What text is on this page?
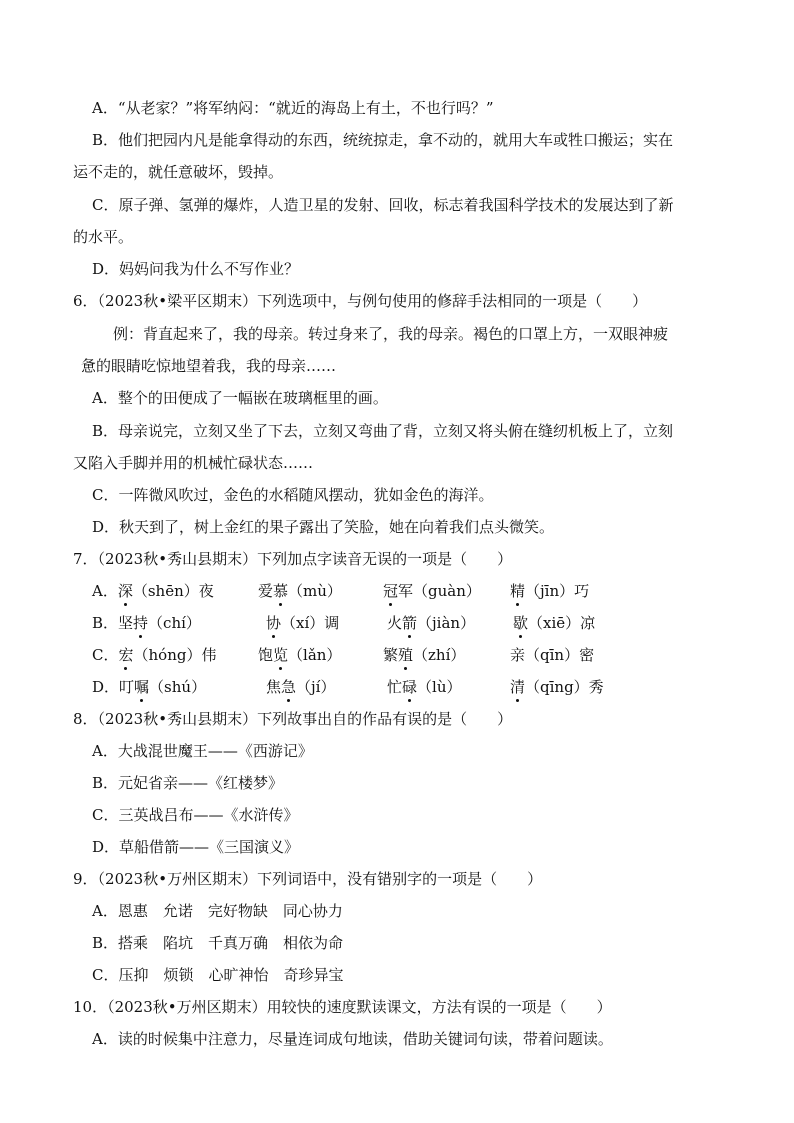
A．“从老家？”将军纳闷：“就近的海岛上有土，不也行吗？”
B．他们把园内凡是能拿得动的东西，统统掠走，拿不动的，就用大车或牲口搬运；实在
运不走的，就任意破坏，毁掉。
C．原子弹、氢弹的爆炸，人造卫星的发射、回收，标志着我国科学技术的发展达到了新
的水平。
D．妈妈问我为什么不写作业？
6．（2023秋•梁平区期末）下列选项中，与例句使用的修辞手法相同的一项是（　　）
例：背直起来了，我的母亲。转过身来了，我的母亲。褐色的口罩上方，一双眼神疲
惫的眼睛吃惊地望着我，我的母亲……
A．整个的田便成了一幅嵌在玻璃框里的画。
B．母亲说完，立刻又坐了下去，立刻又弯曲了背，立刻又将头俯在缝纫机板上了，立刻
又陷入手脚并用的机械忙碌状态……
C．一阵微风吹过，金色的水稻随风摆动，犹如金色的海洋。
D．秋天到了，树上金红的果子露出了笑脸，她在向着我们点头微笑。
7．（2023秋•秀山县期末）下列加点字读音无误的一项是（　　）
A．深（shēn）夜	爱慕（mù）	冠军（guàn） 精（jīn）巧
B．坚持（chí）	协（xí）调	火箭（jiàn）	歇（xiē）凉
C．宏（hóng）伟	饱览（lǎn）	繁殖（zhí）	亲（qīn）密
D．叮嘱（shú）	焦急（jí）	忙碌（lù）	清（qīng）秀
8．（2023秋•秀山县期末）下列故事出自的作品有误的是（　　）
A．大战混世魔王——《西游记》
B．元妃省亲——《红楼梦》
C．三英战吕布——《水浒传》
D．草船借箭——《三国演义》
9．（2023秋•万州区期末）下列词语中，没有错别字的一项是（　　）
A．恩惠　允诺　完好物缺　同心协力
B．搭乘　陷坑　千真万确　相依为命
C．压抑　烦锁　心旷神怡　奇珍异宝
10．（2023秋•万州区期末）用较快的速度默读课文，方法有误的一项是（　　）
A．读的时候集中注意力，尽量连词成句地读，借助关键词句读，带着问题读。
